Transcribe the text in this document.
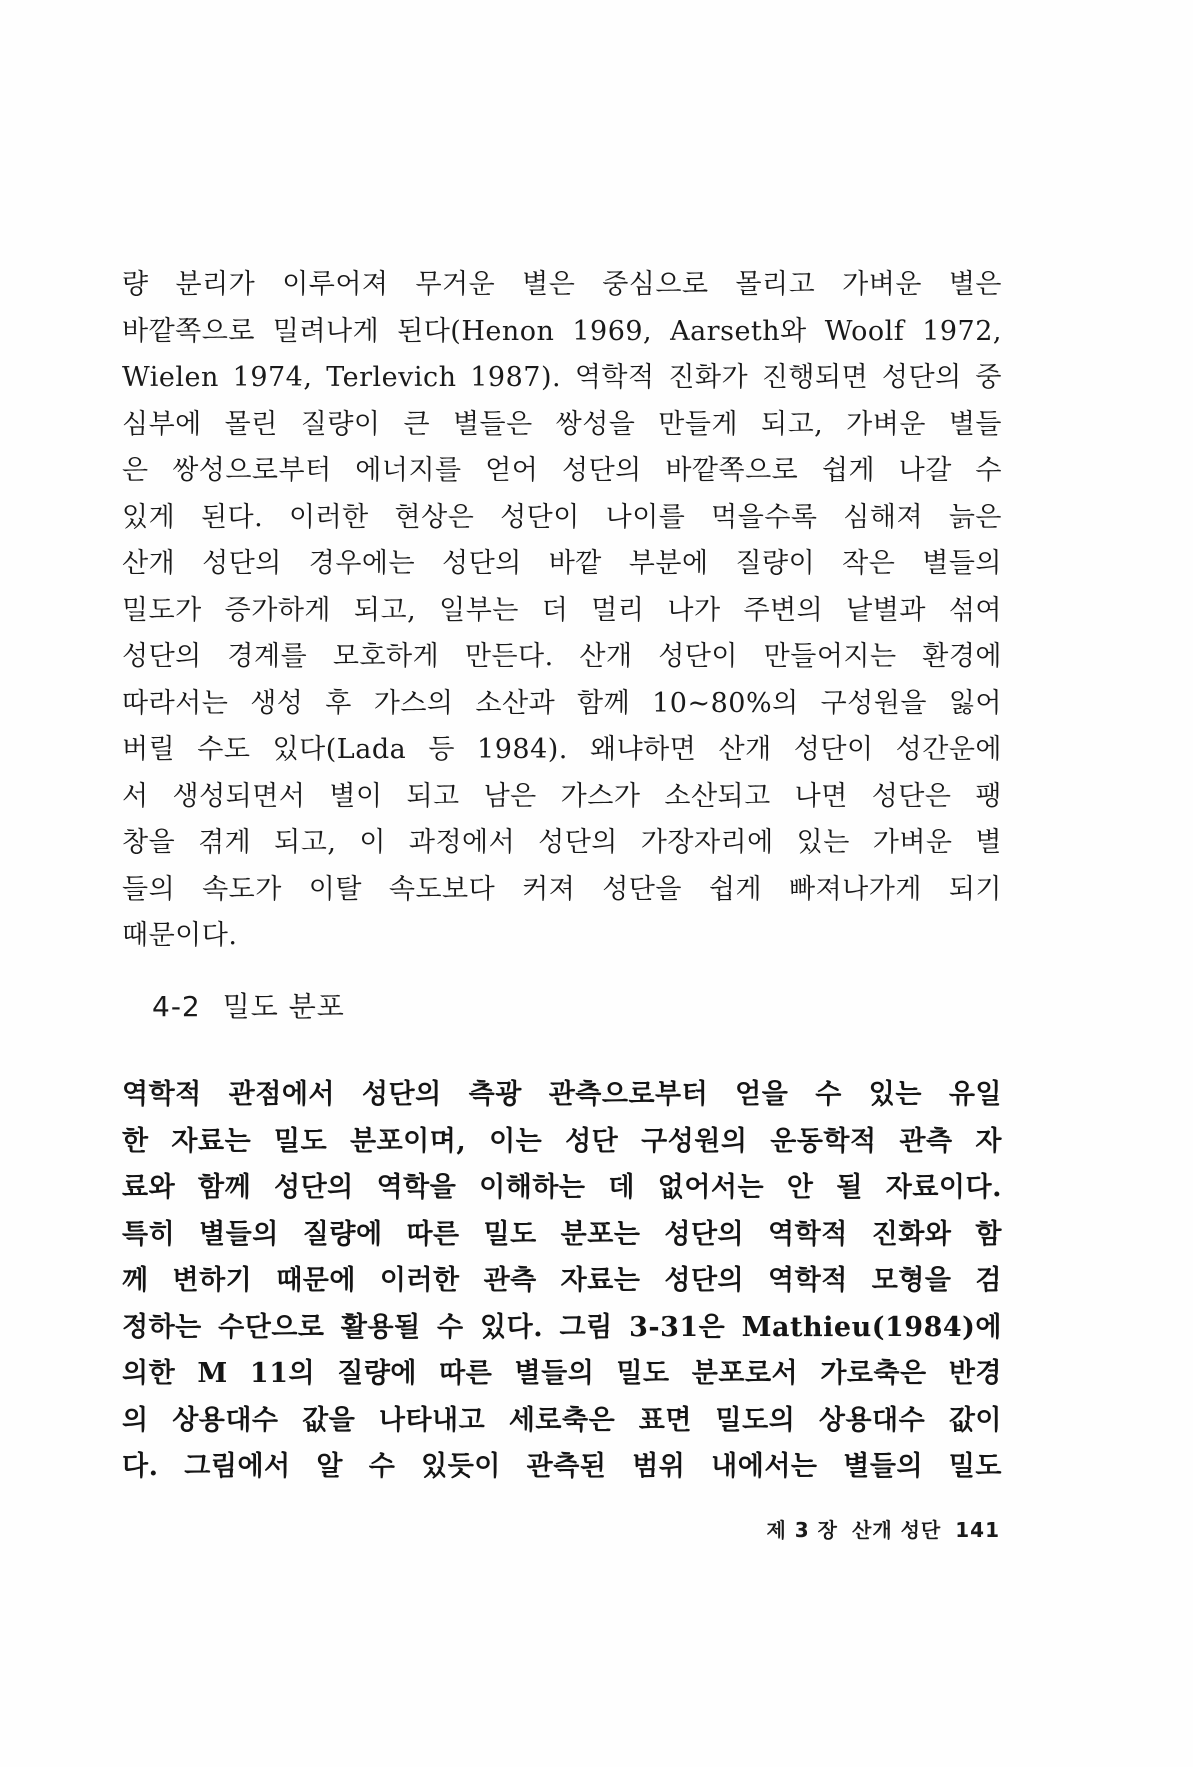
량 분리가 이루어져 무거운 별은 중심으로 몰리고 가벼운 별은
바깥쪽으로 밀려나게 된다(Henon 1969, Aarseth와 Woolf 1972,
Wielen 1974, Terlevich 1987). 역학적 진화가 진행되면 성단의 중
심부에 몰린 질량이 큰 별들은 쌍성을 만들게 되고, 가벼운 별들
은 쌍성으로부터 에너지를 얻어 성단의 바깥쪽으로 쉽게 나갈 수
있게 된다. 이러한 현상은 성단이 나이를 먹을수록 심해져 늙은
산개 성단의 경우에는 성단의 바깥 부분에 질량이 작은 별들의
밀도가 증가하게 되고, 일부는 더 멀리 나가 주변의 낱별과 섞여
성단의 경계를 모호하게 만든다. 산개 성단이 만들어지는 환경에
따라서는 생성 후 가스의 소산과 함께 10~80%의 구성원을 잃어
버릴 수도 있다(Lada 등 1984). 왜냐하면 산개 성단이 성간운에
서 생성되면서 별이 되고 남은 가스가 소산되고 나면 성단은 팽
창을 겪게 되고, 이 과정에서 성단의 가장자리에 있는 가벼운 별
들의 속도가 이탈 속도보다 커져 성단을 쉽게 빠져나가게 되기
때문이다.

4-2 밀도 분포

역학적 관점에서 성단의 측광 관측으로부터 얻을 수 있는 유일
한 자료는 밀도 분포이며, 이는 성단 구성원의 운동학적 관측 자
료와 함께 성단의 역학을 이해하는 데 없어서는 안 될 자료이다.
특히 별들의 질량에 따른 밀도 분포는 성단의 역학적 진화와 함
께 변하기 때문에 이러한 관측 자료는 성단의 역학적 모형을 검
정하는 수단으로 활용될 수 있다. 그림 3-31은 Mathieu(1984)에
의한 M 11의 질량에 따른 별들의 밀도 분포로서 가로축은 반경
의 상용대수 값을 나타내고 세로축은 표면 밀도의 상용대수 값이
다. 그림에서 알 수 있듯이 관측된 범위 내에서는 별들의 밀도

제 3 장 산개 성단 141
